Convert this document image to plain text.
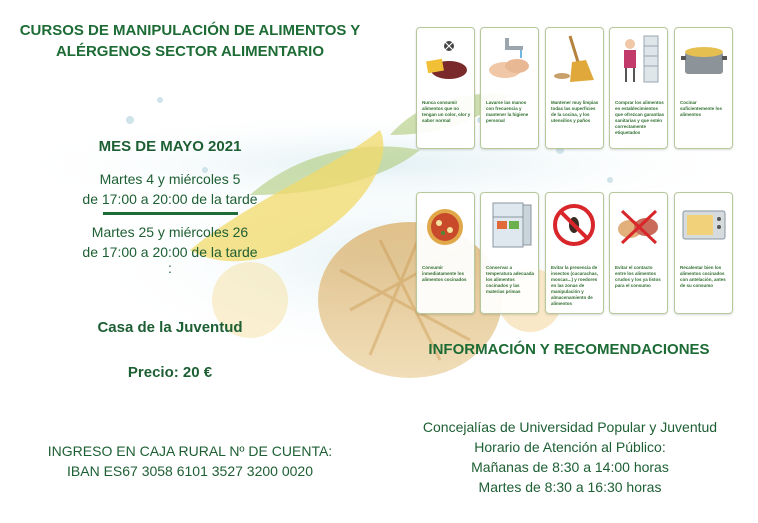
CURSOS DE MANIPULACIÓN DE ALIMENTOS Y
ALÉRGENOS SECTOR ALIMENTARIO
MES DE MAYO 2021
Martes 4 y miércoles 5
de 17:00 a 20:00 de la tarde
Martes 25 y miércoles 26
de 17:00 a 20:00 de la tarde
:
Casa de la Juventud
Precio: 20 €
INGRESO EN CAJA RURAL Nº DE CUENTA:
IBAN ES67 3058 6101 3527 3200 0020
INFORMACIÓN Y RECOMENDACIONES
Concejalías de Universidad Popular y Juventud
Horario de Atención al Público:
Mañanas de 8:30 a 14:00 horas
Martes de 8:30 a 16:30 horas
Nunca consumir alimentos que no tengan un color, olor y sabor normal
Lavarse las manos con frecuencia y mantener la higiene personal
Mantener muy limpias todas las superficies de la cocina, y los utensilios y paños
Comprar los alimentos en establecimientos que ofrezcan garantías sanitarias y que estén correctamente etiquetados
Cocinar suficientemente los alimentos
Consumir inmediatamente los alimentos cocinados
Conservar a temperatura adecuada los alimentos cocinados y las materias primas
Evitar la presencia de insectos (cucarachas, moscas...) y roedores en las zonas de manipulación y almacenamiento de alimentos
Evitar el contacto entre los alimentos crudos y los ya listos para el consumo
Recalentar bien los alimentos cocinados con antelación, antes de su consumo
